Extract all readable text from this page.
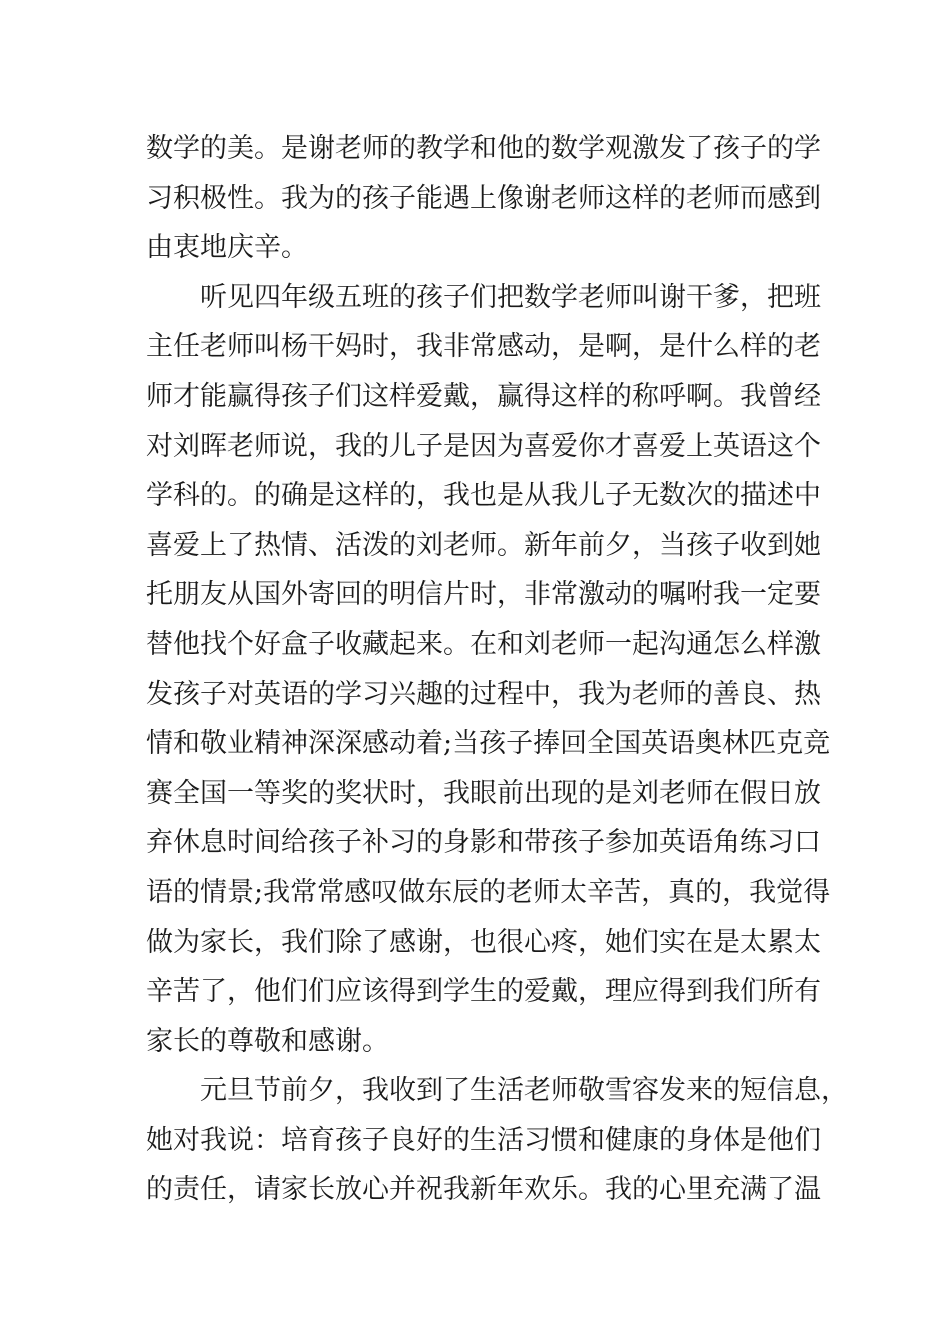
数学的美。是谢老师的教学和他的数学观激发了孩子的学
习积极性。我为的孩子能遇上像谢老师这样的老师而感到
由衷地庆辛。
听见四年级五班的孩子们把数学老师叫谢干爹，把班
主任老师叫杨干妈时，我非常感动，是啊，是什么样的老
师才能赢得孩子们这样爱戴，赢得这样的称呼啊。我曾经
对刘晖老师说，我的儿子是因为喜爱你才喜爱上英语这个
学科的。的确是这样的，我也是从我儿子无数次的描述中
喜爱上了热情、活泼的刘老师。新年前夕，当孩子收到她
托朋友从国外寄回的明信片时，非常激动的嘱咐我一定要
替他找个好盒子收藏起来。在和刘老师一起沟通怎么样激
发孩子对英语的学习兴趣的过程中，我为老师的善良、热
情和敬业精神深深感动着;当孩子捧回全国英语奥林匹克竞
赛全国一等奖的奖状时，我眼前出现的是刘老师在假日放
弃休息时间给孩子补习的身影和带孩子参加英语角练习口
语的情景;我常常感叹做东辰的老师太辛苦，真的，我觉得
做为家长，我们除了感谢，也很心疼，她们实在是太累太
辛苦了，他们们应该得到学生的爱戴，理应得到我们所有
家长的尊敬和感谢。
元旦节前夕，我收到了生活老师敬雪容发来的短信息，
她对我说：培育孩子良好的生活习惯和健康的身体是他们
的责任，请家长放心并祝我新年欢乐。我的心里充满了温
